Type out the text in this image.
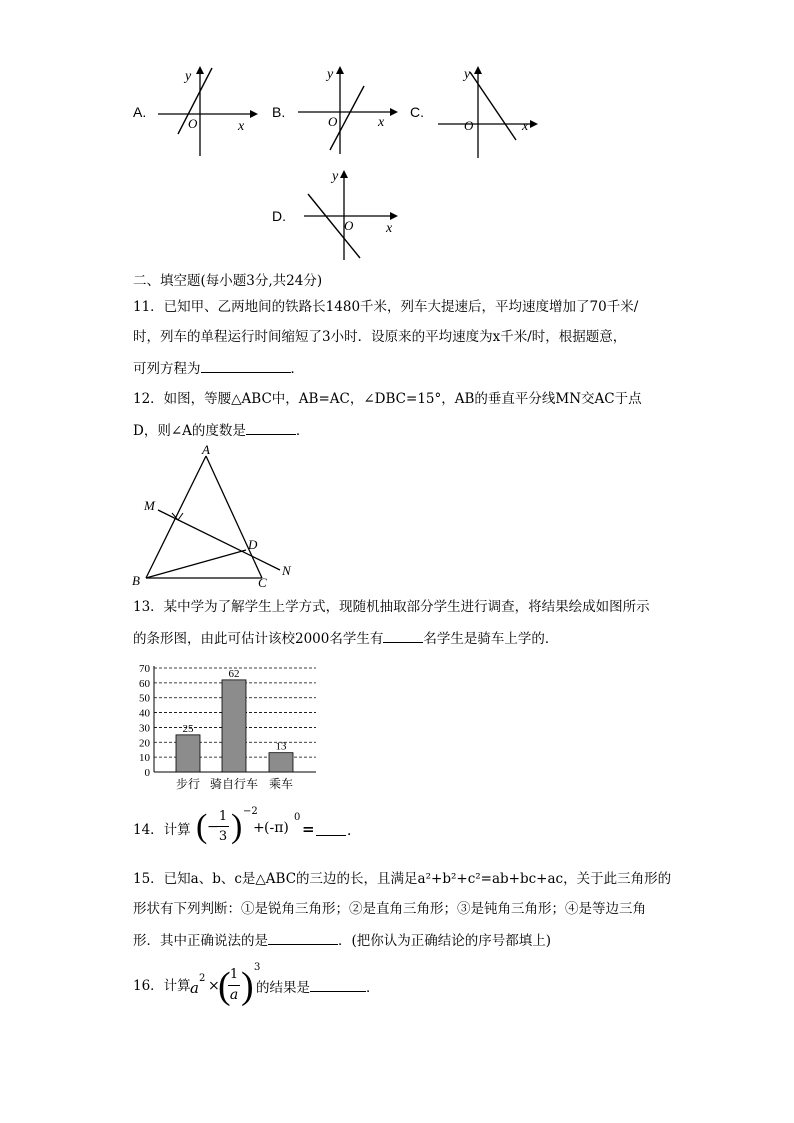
A.
y
x
O
B.
y
x
O
C.
y
x
O
D.
y
x
O
二、填空题(每小题3分,共24分)
11．已知甲、乙两地间的铁路长1480千米，列车大提速后，平均速度增加了70千米/
时，列车的单程运行时间缩短了3小时．设原来的平均速度为x千米/时，根据题意，
可列方程为	．
12．如图，等腰△ABC中，AB=AC，∠DBC=15°，AB的垂直平分线MN交AC于点
D，则∠A的度数是	．
A
B	C
D
M
N
13．某中学为了解学生上学方式，现随机抽取部分学生进行调查，将结果绘成如图所示
的条形图，由此可估计该校2000名学生有	名学生是骑车上学的．
0
10
20
30
40
50
60
70
25
步行
62
骑自行车
13
乘车
14．计算 ( −
1
3 ) −2
+ (-π)
0
= ．
15．已知a、b、c是△ABC的三边的长，且满足a²+b²+c²=ab+bc+ac，关于此三角形的
形状有下列判断：①是锐角三角形；②是直角三角形；③是钝角三角形；④是等边三角
形．其中正确说法的是	．(把你认为正确结论的序号都填上)
16．计算 a
2 ×
( 1
a ) 3
的结果是	．
